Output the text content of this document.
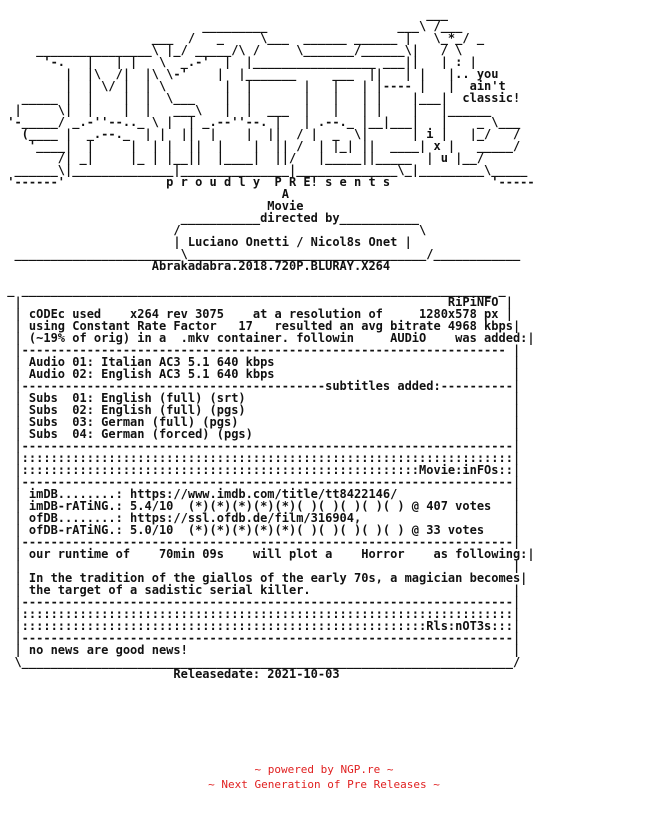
___
_________                  ___\ /___
___  /   _     \___  ______ ______ |   \_*_/ _
________________\ |_/ _____/\ /     \_______/______\|   / \
'-.   |   | |   \  _.-'  |  |_________________ ___||   | : |
|  |\  /|  |\ \-'    |  |_______     ___  ||   | |   |.. you
|  | \/ |  | \        |  |       |   |   | |---- |   |  ain't
_____ |  |    |  |  \___    |  |       |   |   | |    |___|  classic!
|     \|  |    |  |   ___\   |  |  ___  |   |   | |    |   |______
'-_____/ _.-''--.._ \ |  | _.--''--. |   | .--._ |__|___|   |    _ \___
(____ |  _.--._  | |  ||  |    |  ||  / |  _  \|      | i |   |_/   /
'____|  |     |  | |  ||  |    |  || /  | |_| ||  ____| x |   _____/
/| _|     |_ | |__||  |____|  ||/   |_____||_____  | u |__/
______\|______________|_______________|______________\_|_________\_____
'------'              p r o u d l y  P R E! s e n t s              '-----
A
Movie
___________directed by___________
/                                 \
| Luciano Onetti / Nicol8s Onet |
_______________________\_________________________________/____________
Abrakadabra.2018.720P.BLURAY.X264

_ _________________________________________________________________ _
|                                                           RiPiNFO |
| cODEc used    x264 rev 3075    at a resolution of     1280x578 px |
| using Constant Rate Factor   17   resulted an avg bitrate 4968 kbps|
| (~19% of orig) in a  .mkv container. followin     AUDiO    was added:|
|------------------------------------------------------------------- |
| Audio 01: Italian AC3 5.1 640 kbps                                 |
| Audio 02: English AC3 5.1 640 kbps                                 |
|------------------------------------------subtitles added:----------|
| Subs  01: English (full) (srt)                                     |
| Subs  02: English (full) (pgs)                                     |
| Subs  03: German (full) (pgs)                                      |
| Subs  04: German (forced) (pgs)                                    |
|--------------------------------------------------------------------|
|::::::::::::::::::::::::::::::::::::::::::::::::::::::::::::::::::::|
|:::::::::::::::::::::::::::::::::::::::::::::::::::::::Movie:inFOs::|
|--------------------------------------------------------------------|
| imDB........: https://www.imdb.com/title/tt8422146/                |
| imDB-rATiNG.: 5.4/10  (*)(*)(*)(*)(*)( )( )( )( )( ) @ 407 votes   |
| ofDB........: https://ssl.ofdb.de/film/316904,                     |
| ofDB-rATiNG.: 5.0/10  (*)(*)(*)(*)(*)( )( )( )( )( ) @ 33 votes    |
|--------------------------------------------------------------------|
| our runtime of    70min 09s    will plot a    Horror    as following:|
|                                                                    |
| In the tradition of the giallos of the early 70s, a magician becomes|
| the target of a sadistic serial killer.                            |
|--------------------------------------------------------------------|
|::::::::::::::::::::::::::::::::::::::::::::::::::::::::::::::::::::|
|::::::::::::::::::::::::::::::::::::::::::::::::::::::::Rls:nOT3s:::|
|--------------------------------------------------------------------|
| no news are good news!                                             |
\____________________________________________________________________/
Releasedate: 2021-10-03
~ powered by NGP.re ~
~ Next Generation of Pre Releases ~
